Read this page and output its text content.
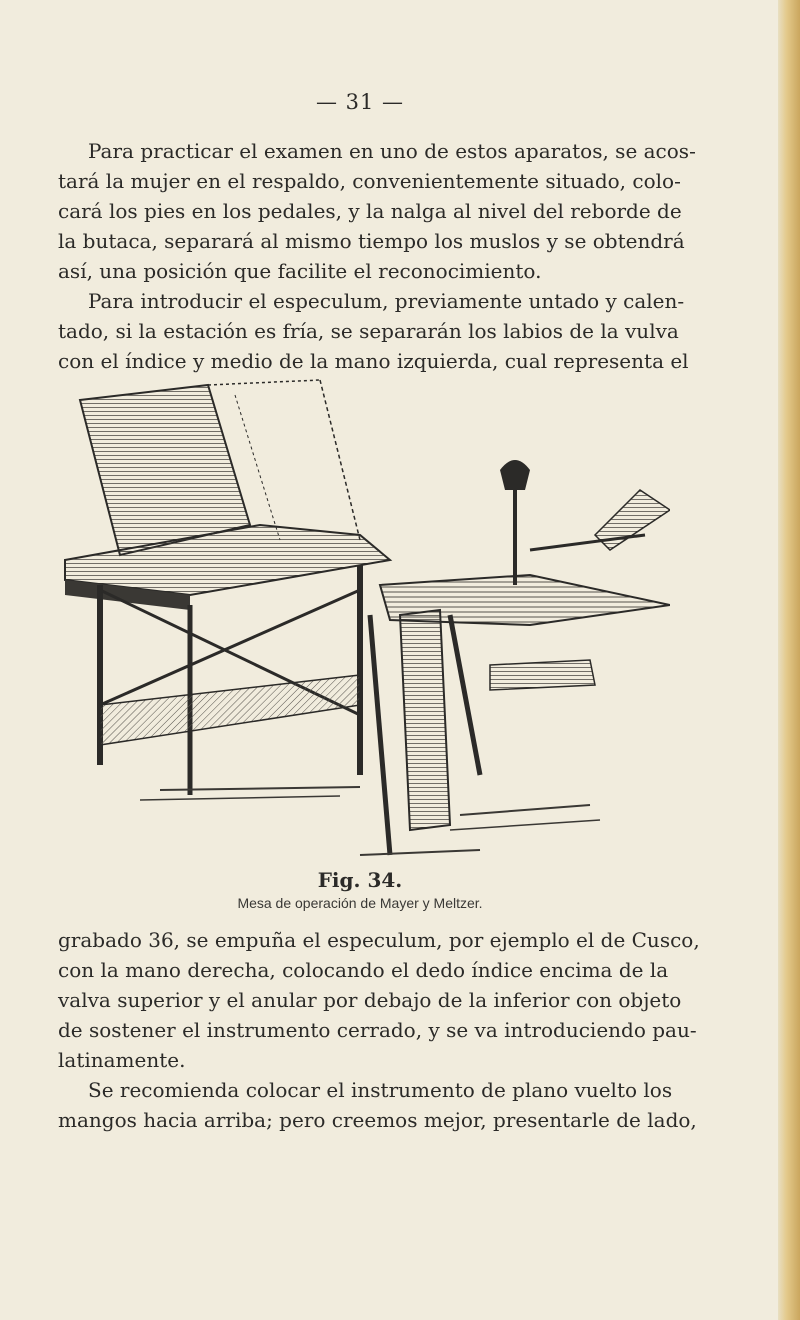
— 31 —
Para practicar el examen en uno de estos aparatos, se acos-
tará la mujer en el respaldo, convenientemente situado, colo-
cará los pies en los pedales, y la nalga al nivel del reborde de
la butaca, separará al mismo tiempo los muslos y se obtendrá
así, una posición que facilite el reconocimiento.
Para introducir el especulum, previamente untado y calen-
tado, si la estación es fría, se separarán los labios de la vulva
con el índice y medio de la mano izquierda, cual representa el
Fig. 34.
Mesa de operación de Mayer y Meltzer.
grabado 36, se empuña el especulum, por ejemplo el de Cusco,
con la mano derecha, colocando el dedo índice encima de la
valva superior y el anular por debajo de la inferior con objeto
de sostener el instrumento cerrado, y se va introduciendo pau-
latinamente.
Se recomienda colocar el instrumento de plano vuelto los
mangos hacia arriba; pero creemos mejor, presentarle de lado,
